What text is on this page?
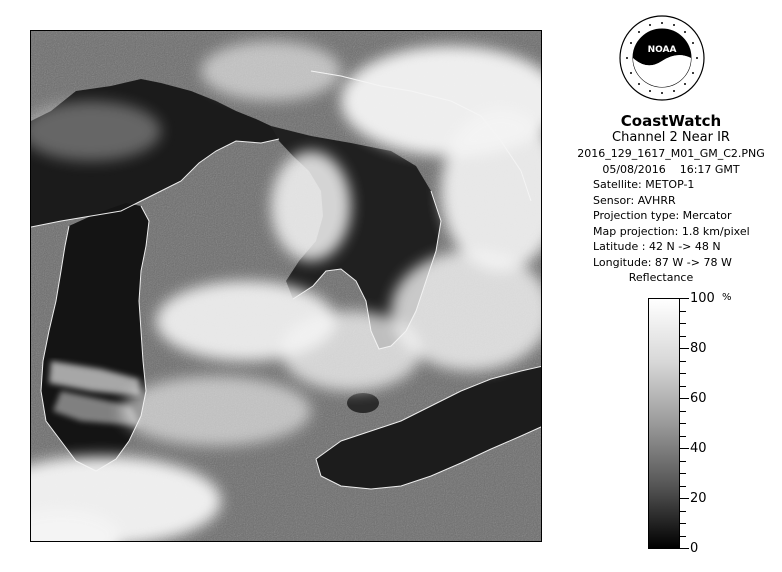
NOAA
CoastWatch
Channel 2 Near IR
2016_129_1617_M01_GM_C2.PNG
05/08/2016    16:17 GMT
Satellite: METOP-1
Sensor: AVHRR
Projection type: Mercator
Map projection: 1.8 km/pixel
Latitude : 42 N -> 48 N
Longitude: 87 W -> 78 W
Reflectance
%
100
80
60
40
20
0
